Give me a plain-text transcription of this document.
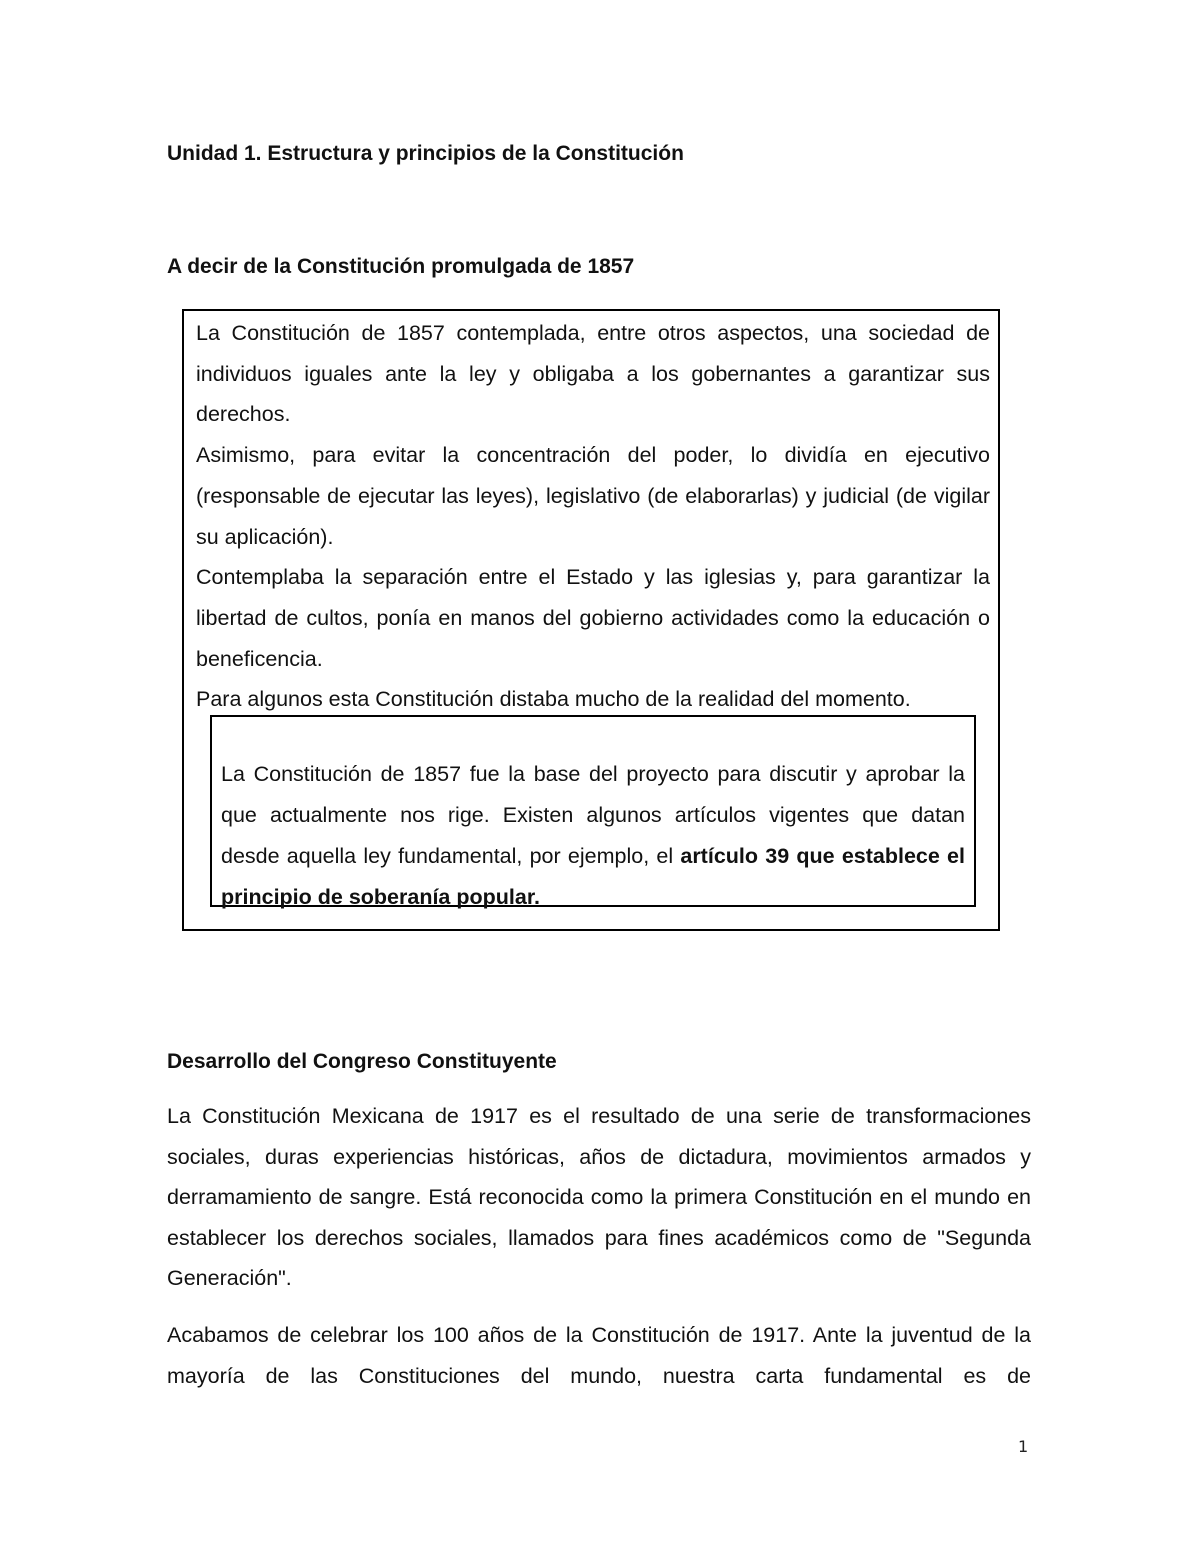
Unidad 1. Estructura y principios de la Constitución
A decir de la Constitución promulgada de 1857

La Constitución de 1857 contemplada, entre otros aspectos, una sociedad de individuos iguales ante la ley y obligaba a los gobernantes a garantizar sus derechos.

Asimismo, para evitar la concentración del poder, lo dividía en ejecutivo (responsable de ejecutar las leyes), legislativo (de elaborarlas) y judicial (de vigilar su aplicación).

Contemplaba la separación entre el Estado y las iglesias y, para garantizar la libertad de cultos, ponía en manos del gobierno actividades como la educación o beneficencia.

Para algunos esta Constitución distaba mucho de la realidad del momento.

La Constitución de 1857 fue la base del proyecto para discutir y aprobar la que actualmente nos rige. Existen algunos artículos vigentes que datan desde aquella ley fundamental, por ejemplo, el artículo 39 que establece el principio de soberanía popular.
Desarrollo del Congreso Constituyente

La Constitución Mexicana de 1917 es el resultado de una serie de transformaciones sociales, duras experiencias históricas, años de dictadura, movimientos armados y derramamiento de sangre. Está reconocida como la primera Constitución en el mundo en establecer los derechos sociales, llamados para fines académicos como de "Segunda Generación".

Acabamos de celebrar los 100 años de la Constitución de 1917. Ante la juventud de la mayoría de las Constituciones del mundo, nuestra carta fundamental es de

1
